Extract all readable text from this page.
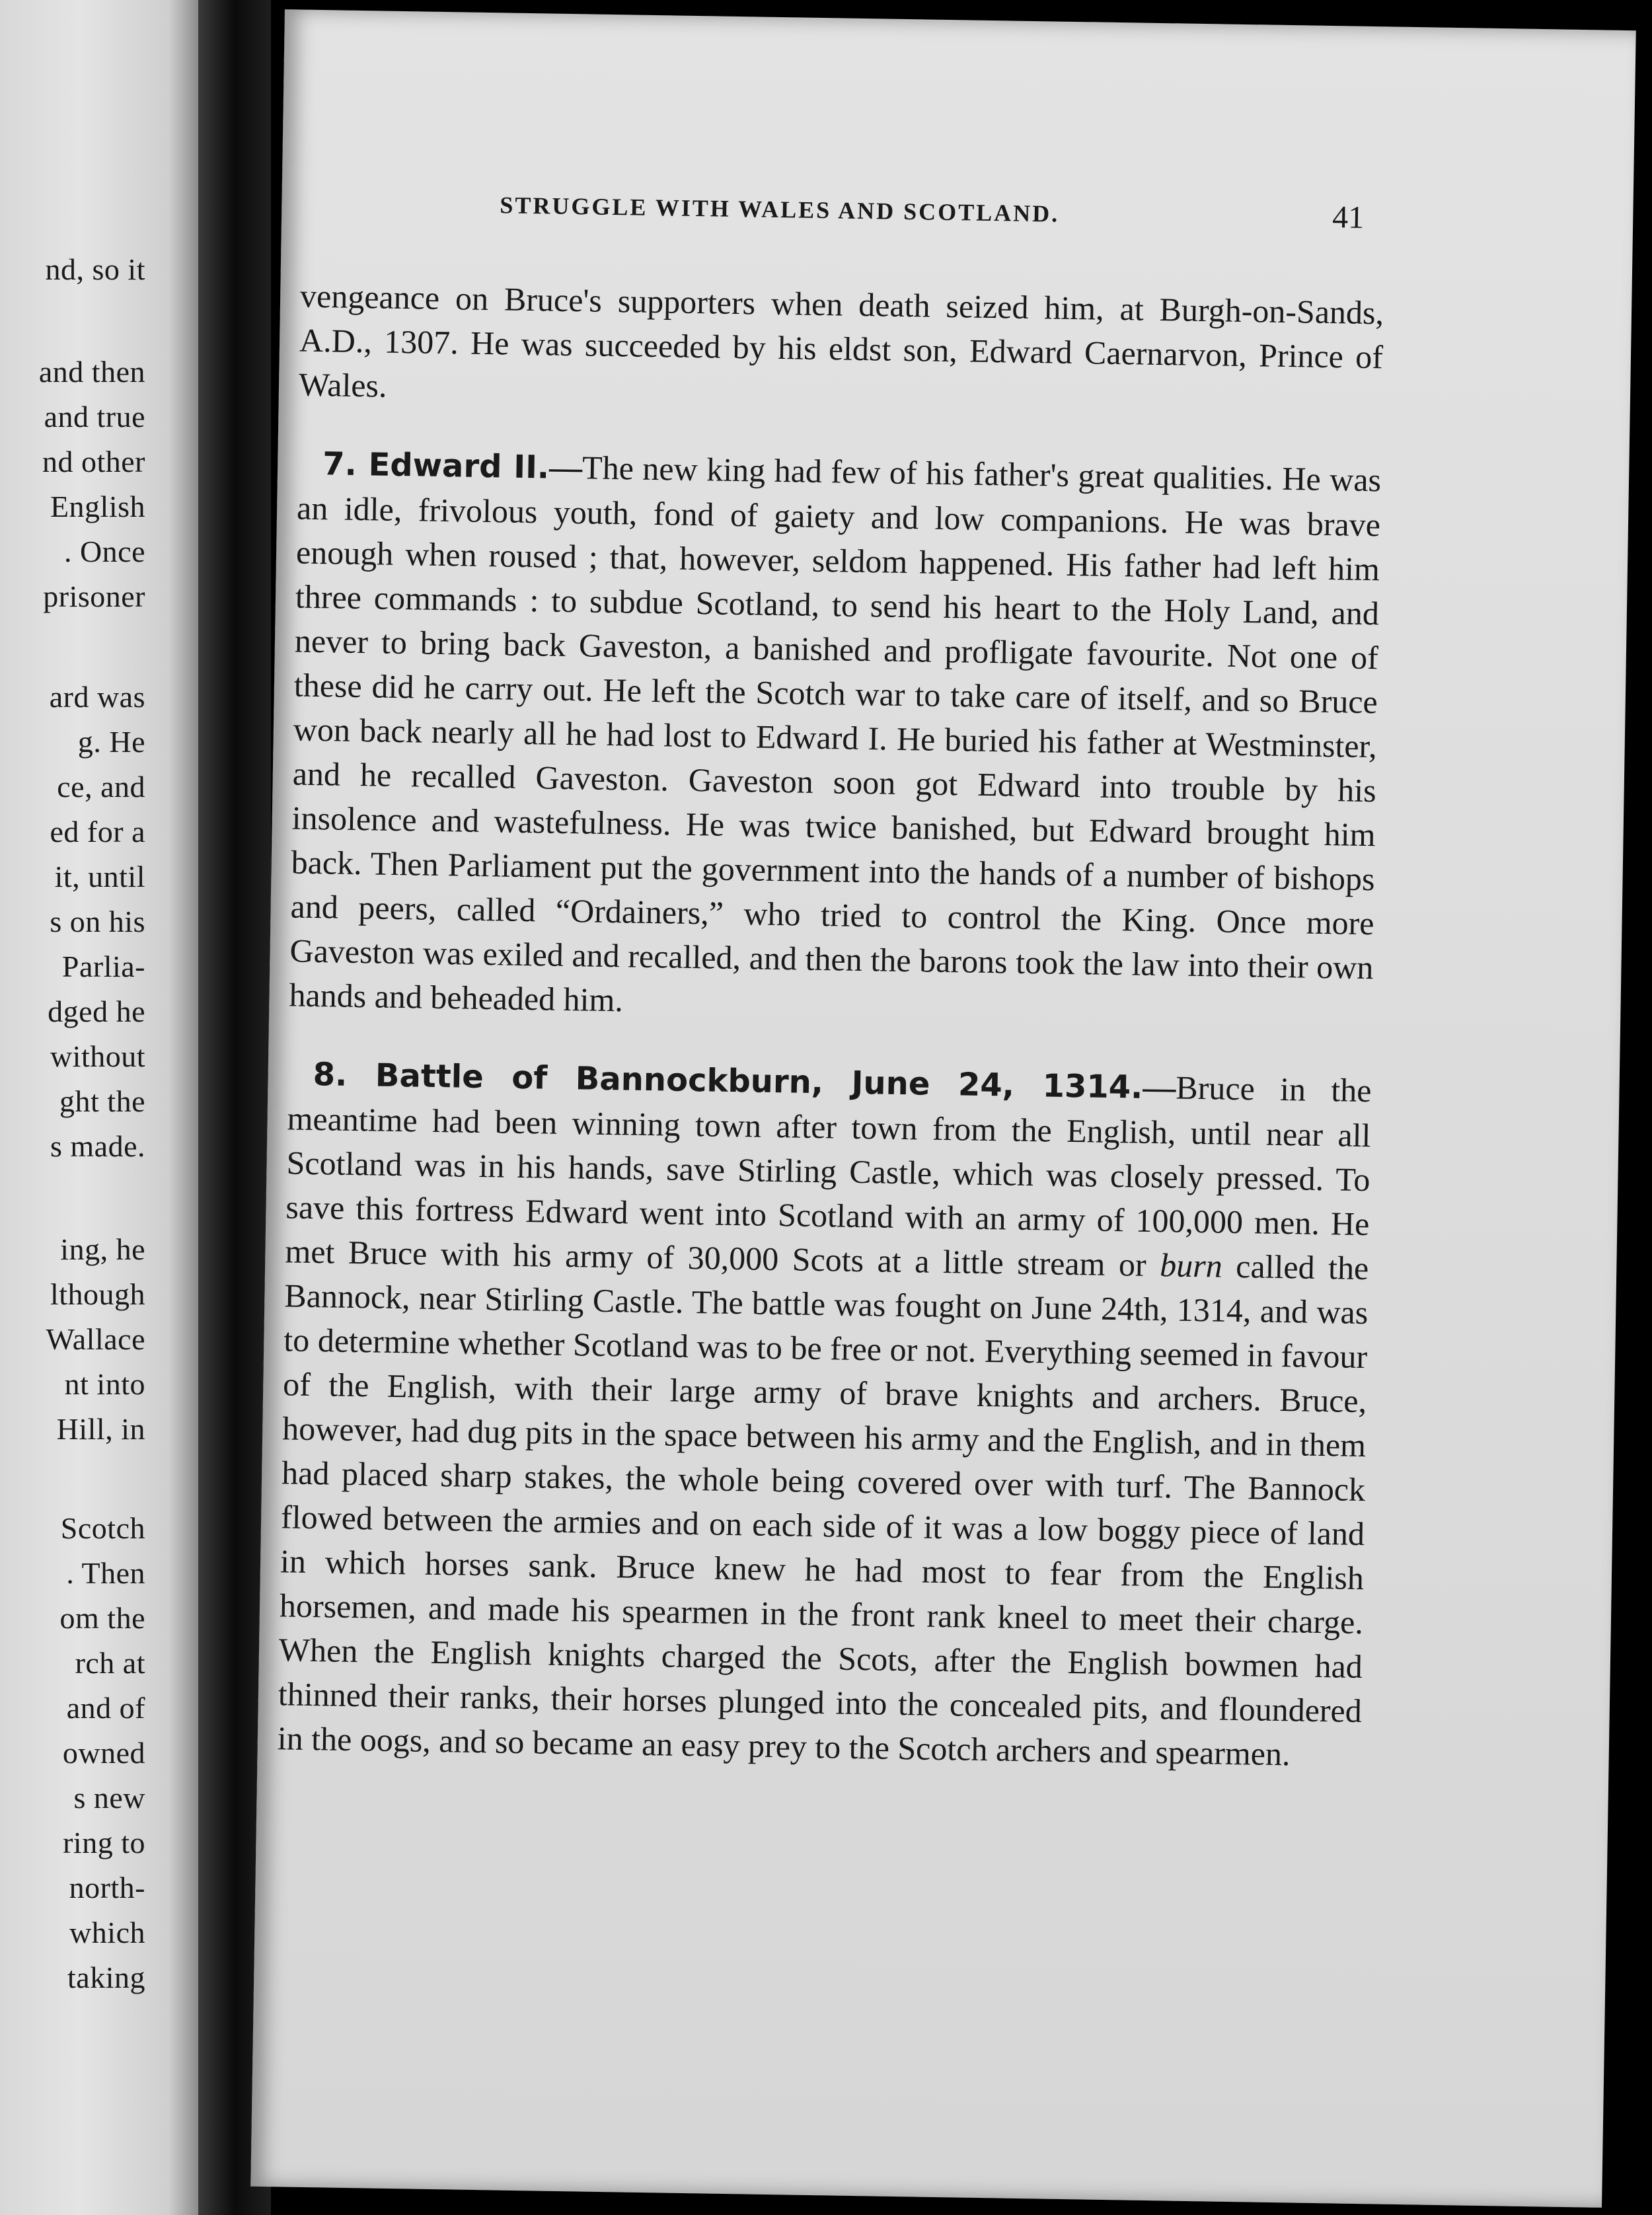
nd, so it
and then
and true
nd other
English
. Once
prisoner
ard was
g. He
ce, and
ed for a
it, until
s on his
Parlia-
dged he
without
ght the
s made.
ing, he
lthough
Wallace
nt into
Hill, in
Scotch
. Then
om the
rch at
and of
owned
s new
ring to
north-
which
taking
STRUGGLE WITH WALES AND SCOTLAND.	41

vengeance on Bruce's supporters when death seized him, at Burgh-on-Sands, A.D., 1307. He was succeeded by his eldst son, Edward Caernarvon, Prince of Wales.

7. Edward II.—The new king had few of his father's great qualities. He was an idle, frivolous youth, fond of gaiety and low companions. He was brave enough when roused ; that, however, seldom happened. His father had left him three commands : to subdue Scotland, to send his heart to the Holy Land, and never to bring back Gaveston, a banished and profligate favourite. Not one of these did he carry out. He left the Scotch war to take care of itself, and so Bruce won back nearly all he had lost to Edward I. He buried his father at Westminster, and he recalled Gaveston. Gaveston soon got Edward into trouble by his insolence and wastefulness. He was twice banished, but Edward brought him back. Then Parliament put the government into the hands of a number of bishops and peers, called “Ordainers,” who tried to control the King. Once more Gaveston was exiled and recalled, and then the barons took the law into their own hands and beheaded him.

8. Battle of Bannockburn, June 24, 1314.—Bruce in the meantime had been winning town after town from the English, until near all Scotland was in his hands, save Stirling Castle, which was closely pressed. To save this fortress Edward went into Scotland with an army of 100,000 men. He met Bruce with his army of 30,000 Scots at a little stream or burn called the Bannock, near Stirling Castle. The battle was fought on June 24th, 1314, and was to determine whether Scotland was to be free or not. Everything seemed in favour of the English, with their large army of brave knights and archers. Bruce, however, had dug pits in the space between his army and the English, and in them had placed sharp stakes, the whole being covered over with turf. The Bannock flowed between the armies and on each side of it was a low boggy piece of land in which horses sank. Bruce knew he had most to fear from the English horsemen, and made his spearmen in the front rank kneel to meet their charge. When the English knights charged the Scots, after the English bowmen had thinned their ranks, their horses plunged into the concealed pits, and floundered in the oogs, and so became an easy prey to the Scotch archers and spearmen.
